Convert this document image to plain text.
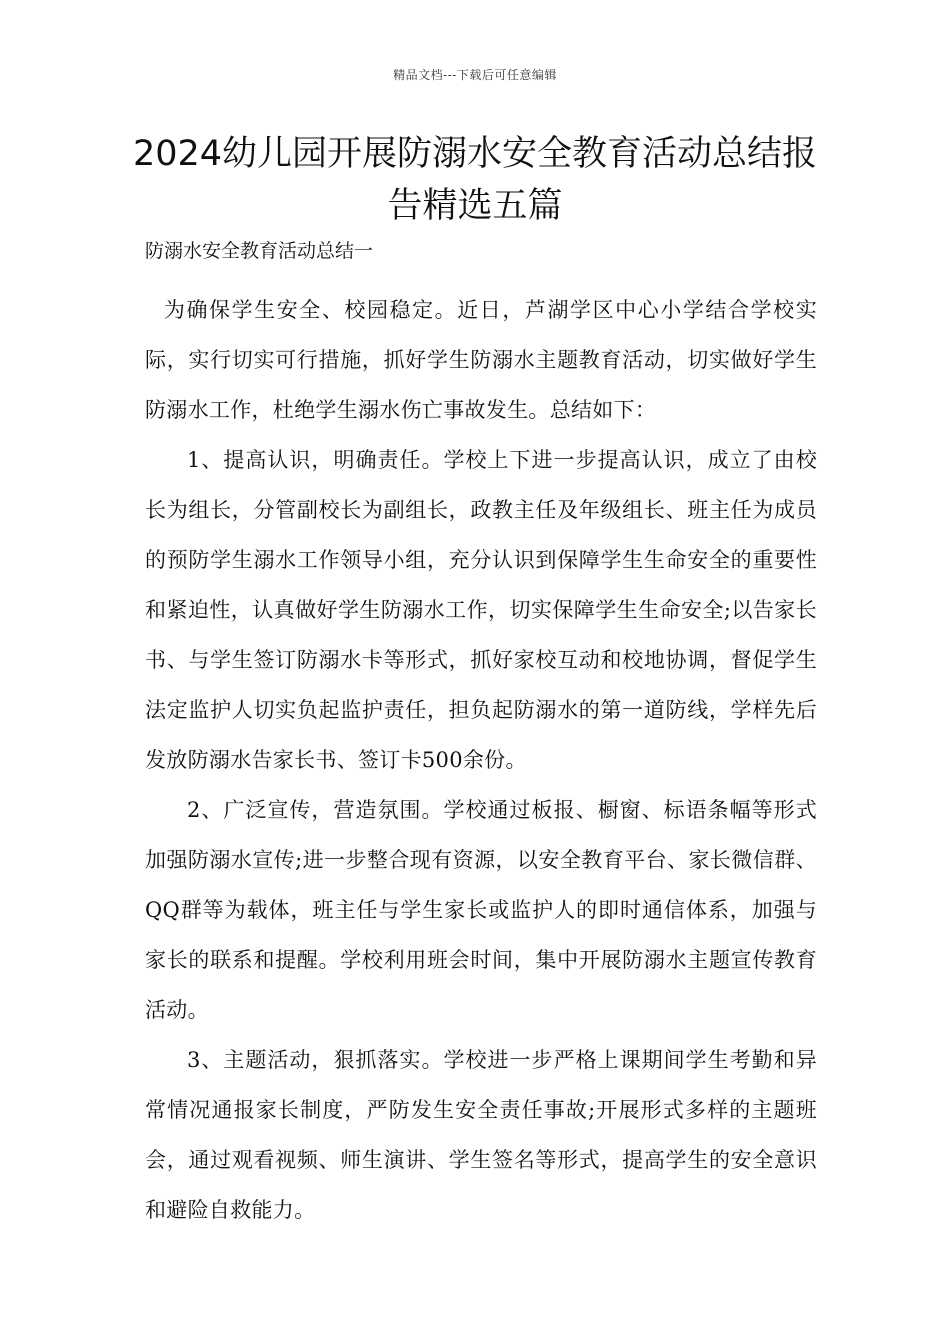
精品文档---下载后可任意编辑
2024幼儿园开展防溺水安全教育活动总结报告精选五篇
防溺水安全教育活动总结一

为确保学生安全、校园稳定。近日，芦湖学区中心小学结合学校实际，实行切实可行措施，抓好学生防溺水主题教育活动，切实做好学生防溺水工作，杜绝学生溺水伤亡事故发生。总结如下：

1、提高认识，明确责任。学校上下进一步提高认识，成立了由校长为组长，分管副校长为副组长，政教主任及年级组长、班主任为成员的预防学生溺水工作领导小组，充分认识到保障学生生命安全的重要性和紧迫性，认真做好学生防溺水工作，切实保障学生生命安全;以告家长书、与学生签订防溺水卡等形式，抓好家校互动和校地协调，督促学生法定监护人切实负起监护责任，担负起防溺水的第一道防线，学样先后发放防溺水告家长书、签订卡500余份。

2、广泛宣传，营造氛围。学校通过板报、橱窗、标语条幅等形式加强防溺水宣传;进一步整合现有资源，以安全教育平台、家长微信群、QQ群等为载体，班主任与学生家长或监护人的即时通信体系，加强与家长的联系和提醒。学校利用班会时间，集中开展防溺水主题宣传教育活动。

3、主题活动，狠抓落实。学校进一步严格上课期间学生考勤和异常情况通报家长制度，严防发生安全责任事故;开展形式多样的主题班会，通过观看视频、师生演讲、学生签名等形式，提高学生的安全意识和避险自救能力。
